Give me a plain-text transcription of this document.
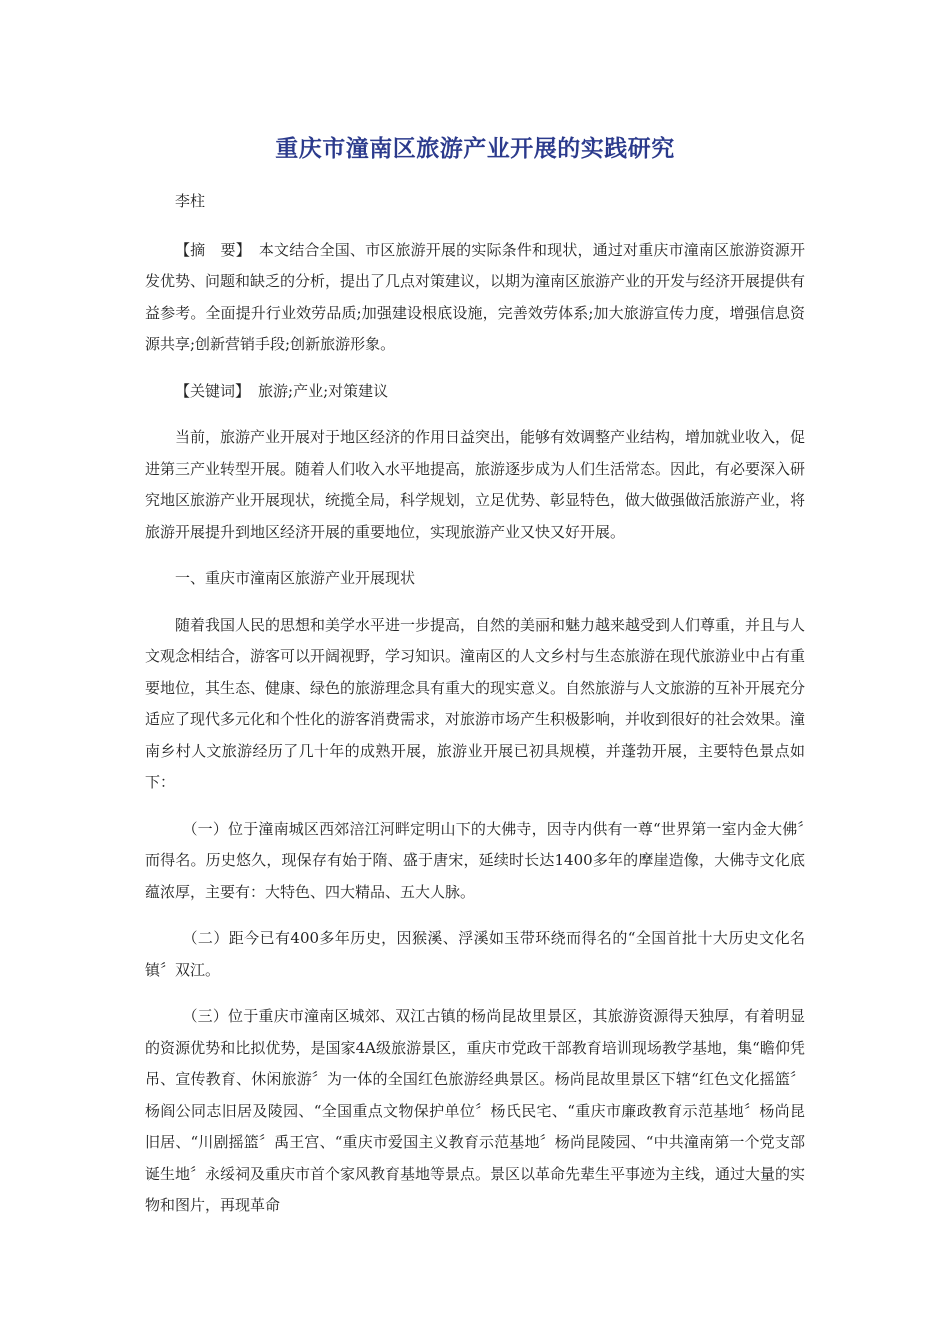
重庆市潼南区旅游产业开展的实践研究

李柱

【摘　要】 本文结合全国、市区旅游开展的实际条件和现状，通过对重庆市潼南区旅游资源开发优势、问题和缺乏的分析，提出了几点对策建议，以期为潼南区旅游产业的开发与经济开展提供有益参考。全面提升行业效劳品质;加强建设根底设施，完善效劳体系;加大旅游宣传力度，增强信息资源共享;创新营销手段;创新旅游形象。

【关键词】 旅游;产业;对策建议

当前，旅游产业开展对于地区经济的作用日益突出，能够有效调整产业结构，增加就业收入，促进第三产业转型开展。随着人们收入水平地提高，旅游逐步成为人们生活常态。因此，有必要深入研究地区旅游产业开展现状，统揽全局，科学规划，立足优势、彰显特色，做大做强做活旅游产业，将旅游开展提升到地区经济开展的重要地位，实现旅游产业又快又好开展。

一、重庆市潼南区旅游产业开展现状

随着我国人民的思想和美学水平进一步提高，自然的美丽和魅力越来越受到人们尊重，并且与人文观念相结合，游客可以开阔视野，学习知识。潼南区的人文乡村与生态旅游在现代旅游业中占有重要地位，其生态、健康、绿色的旅游理念具有重大的现实意义。自然旅游与人文旅游的互补开展充分适应了现代多元化和个性化的游客消费需求，对旅游市场产生积极影响，并收到很好的社会效果。潼南乡村人文旅游经历了几十年的成熟开展，旅游业开展已初具规模，并蓬勃开展，主要特色景点如下：

（一）位于潼南城区西郊涪江河畔定明山下的大佛寺，因寺内供有一尊“世界第一室内金大佛〞而得名。历史悠久，现保存有始于隋、盛于唐宋，延续时长达1400多年的摩崖造像，大佛寺文化底蕴浓厚，主要有：大特色、四大精品、五大人脉。

（二）距今已有400多年历史，因猴溪、浮溪如玉带环绕而得名的“全国首批十大历史文化名镇〞双江。

（三）位于重庆市潼南区城郊、双江古镇的杨尚昆故里景区，其旅游资源得天独厚，有着明显的资源优势和比拟优势，是国家4A级旅游景区，重庆市党政干部教育培训现场教学基地，集“瞻仰凭吊、宣传教育、休闲旅游〞为一体的全国红色旅游经典景区。杨尚昆故里景区下辖“红色文化摇篮〞杨阎公同志旧居及陵园、“全国重点文物保护单位〞杨氏民宅、“重庆市廉政教育示范基地〞杨尚昆旧居、“川剧摇篮〞禹王宫、“重庆市爱国主义教育示范基地〞杨尚昆陵园、“中共潼南第一个党支部诞生地〞永绥祠及重庆市首个家风教育基地等景点。景区以革命先辈生平事迹为主线，通过大量的实物和图片，再现革命
